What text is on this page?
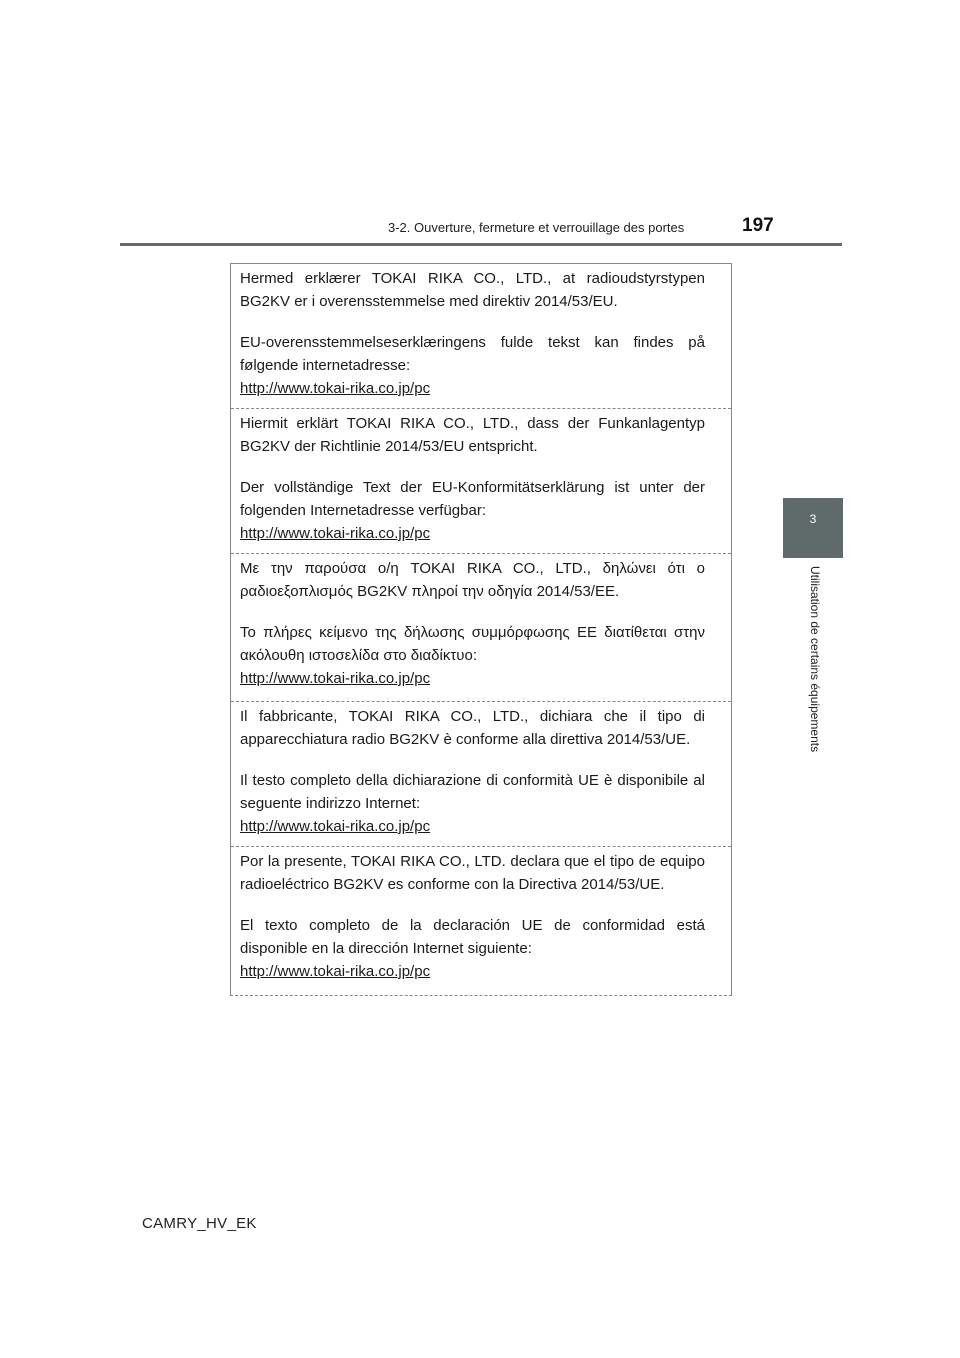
3-2. Ouverture, fermeture et verrouillage des portes	197
3
Utilisation de certains équipements

Hermed erklærer TOKAI RIKA CO., LTD., at radioudstyrstypen BG2KV er i overensstemmelse med direktiv 2014/53/EU.

EU-overensstemmelseserklæringens fulde tekst kan findes på følgende internetadresse:

http://www.tokai-rika.co.jp/pc

Hiermit erklärt TOKAI RIKA CO., LTD., dass der Funkanlagentyp BG2KV der Richtlinie 2014/53/EU entspricht.

Der vollständige Text der EU-Konformitätserklärung ist unter der folgenden Internetadresse verfügbar:

http://www.tokai-rika.co.jp/pc

Με την παρούσα ο/η TOKAI RIKA CO., LTD., δηλώνει ότι ο ραδιοεξοπλισμός BG2KV πληροί την οδηγία 2014/53/ΕΕ.

Το πλήρες κείμενο της δήλωσης συμμόρφωσης ΕΕ διατίθεται στην ακόλουθη ιστοσελίδα στο διαδίκτυο:

http://www.tokai-rika.co.jp/pc

Il fabbricante, TOKAI RIKA CO., LTD., dichiara che il tipo di apparecchiatura radio BG2KV è conforme alla direttiva 2014/53/UE.

Il testo completo della dichiarazione di conformità UE è disponibile al seguente indirizzo Internet:

http://www.tokai-rika.co.jp/pc

Por la presente, TOKAI RIKA CO., LTD. declara que el tipo de equipo radioeléctrico BG2KV es conforme con la Directiva 2014/53/UE.

El texto completo de la declaración UE de conformidad está disponible en la dirección Internet siguiente:

http://www.tokai-rika.co.jp/pc
CAMRY_HV_EK
